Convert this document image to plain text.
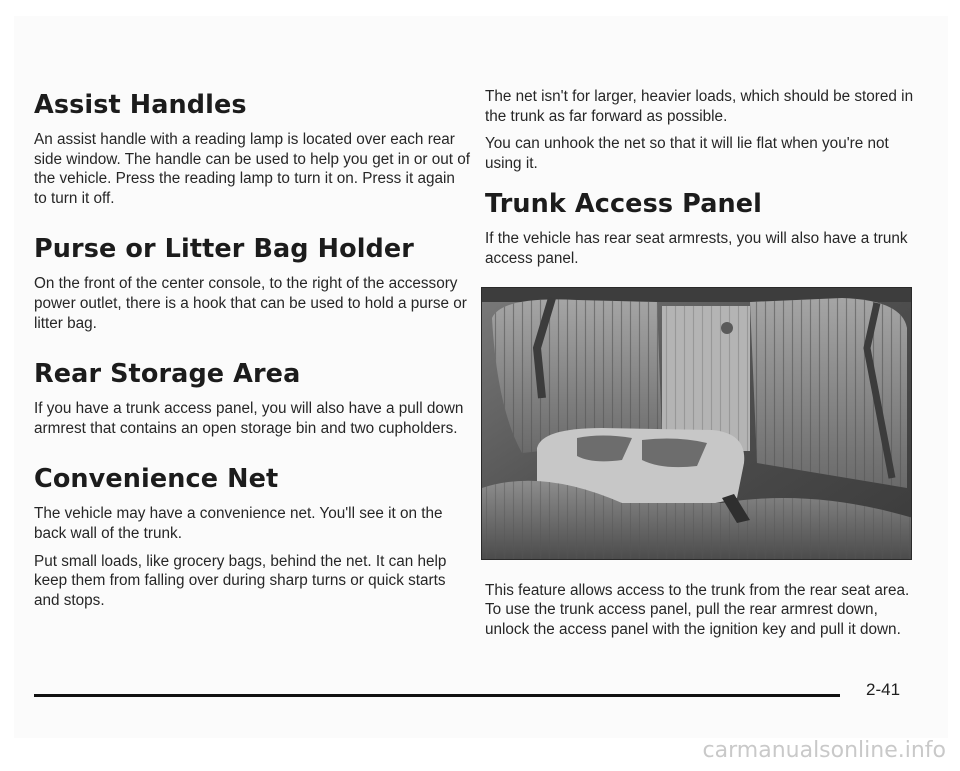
Assist Handles

An assist handle with a reading lamp is located over each rear side window. The handle can be used to help you get in or out of the vehicle. Press the reading lamp to turn it on. Press it again to turn it off.

Purse or Litter Bag Holder

On the front of the center console, to the right of the accessory power outlet, there is a hook that can be used to hold a purse or litter bag.

Rear Storage Area

If you have a trunk access panel, you will also have a pull down armrest that contains an open storage bin and two cupholders.

Convenience Net

The vehicle may have a convenience net. You'll see it on the back wall of the trunk.

Put small loads, like grocery bags, behind the net. It can help keep them from falling over during sharp turns or quick starts and stops.

The net isn't for larger, heavier loads, which should be stored in the trunk as far forward as possible.

You can unhook the net so that it will lie flat when you're not using it.

Trunk Access Panel

If the vehicle has rear seat armrests, you will also have a trunk access panel.

This feature allows access to the trunk from the rear seat area. To use the trunk access panel, pull the rear armrest down, unlock the access panel with the ignition key and pull it down.

2-41
carmanualsonline.info
